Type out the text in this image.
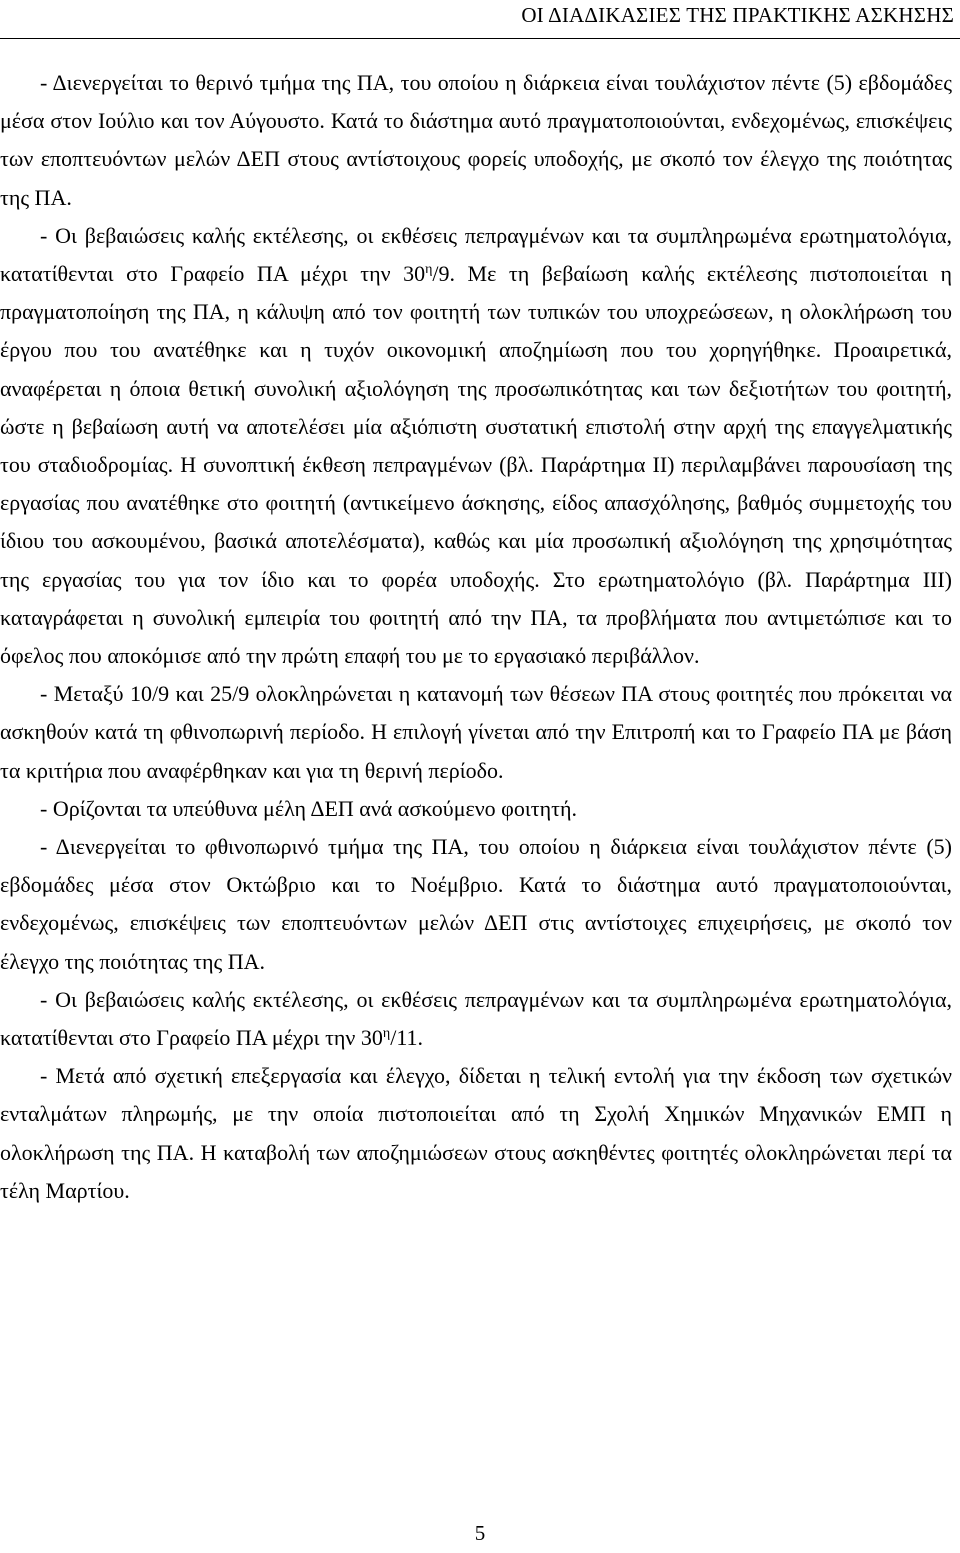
ΟΙ ΔΙΑΔΙΚΑΣΙΕΣ ΤΗΣ ΠΡΑΚΤΙΚΗΣ ΑΣΚΗΣΗΣ

- Διενεργείται το θερινό τμήμα της ΠΑ, του οποίου η διάρκεια είναι τουλάχιστον πέντε (5) εβδομάδες μέσα στον Ιούλιο και τον Αύγουστο. Κατά το διάστημα αυτό πραγματοποιούνται, ενδεχομένως, επισκέψεις των εποπτευόντων μελών ΔΕΠ στους αντίστοιχους φορείς υποδοχής, με σκοπό τον έλεγχο της ποιότητας της ΠΑ.

- Οι βεβαιώσεις καλής εκτέλεσης, οι εκθέσεις πεπραγμένων και τα συμπληρωμένα ερωτηματολόγια, κατατίθενται στο Γραφείο ΠΑ μέχρι την $30^\eta/9$. Με τη βεβαίωση καλής εκτέλεσης πιστοποιείται η πραγματοποίηση της ΠΑ, η κάλυψη από τον φοιτητή των τυπικών του υποχρεώσεων, η ολοκλήρωση του έργου που του ανατέθηκε και η τυχόν οικονομική αποζημίωση που του χορηγήθηκε. Προαιρετικά, αναφέρεται η όποια θετική συνολική αξιολόγηση της προσωπικότητας και των δεξιοτήτων του φοιτητή, ώστε η βεβαίωση αυτή να αποτελέσει μία αξιόπιστη συστατική επιστολή στην αρχή της επαγγελματικής του σταδιοδρομίας. Η συνοπτική έκθεση πεπραγμένων (βλ. Παράρτημα ΙΙ) περιλαμβάνει παρουσίαση της εργασίας που ανατέθηκε στο φοιτητή (αντικείμενο άσκησης, είδος απασχόλησης, βαθμός συμμετοχής του ίδιου του ασκουμένου, βασικά αποτελέσματα), καθώς και μία προσωπική αξιολόγηση της χρησιμότητας της εργασίας του για τον ίδιο και το φορέα υποδοχής. Στο ερωτηματολόγιο (βλ. Παράρτημα ΙΙΙ) καταγράφεται η συνολική εμπειρία του φοιτητή από την ΠΑ, τα προβλήματα που αντιμετώπισε και το όφελος που αποκόμισε από την πρώτη επαφή του με το εργασιακό περιβάλλον.

- Μεταξύ 10/9 και 25/9 ολοκληρώνεται η κατανομή των θέσεων ΠΑ στους φοιτητές που πρόκειται να ασκηθούν κατά τη φθινοπωρινή περίοδο. Η επιλογή γίνεται από την Επιτροπή και το Γραφείο ΠΑ με βάση τα κριτήρια που αναφέρθηκαν και για τη θερινή περίοδο.

- Ορίζονται τα υπεύθυνα μέλη ΔΕΠ ανά ασκούμενο φοιτητή.

- Διενεργείται το φθινοπωρινό τμήμα της ΠΑ, του οποίου η διάρκεια είναι τουλάχιστον πέντε (5) εβδομάδες μέσα στον Οκτώβριο και το Νοέμβριο. Κατά το διάστημα αυτό πραγματοποιούνται, ενδεχομένως, επισκέψεις των εποπτευόντων μελών ΔΕΠ στις αντίστοιχες επιχειρήσεις, με σκοπό τον έλεγχο της ποιότητας της ΠΑ.

- Οι βεβαιώσεις καλής εκτέλεσης, οι εκθέσεις πεπραγμένων και τα συμπληρωμένα ερωτηματολόγια, κατατίθενται στο Γραφείο ΠΑ μέχρι την $30^\eta/11$.

- Μετά από σχετική επεξεργασία και έλεγχο, δίδεται η τελική εντολή για την έκδοση των σχετικών ενταλμάτων πληρωμής, με την οποία πιστοποιείται από τη Σχολή Χημικών Μηχανικών ΕΜΠ η ολοκλήρωση της ΠΑ. Η καταβολή των αποζημιώσεων στους ασκηθέντες φοιτητές ολοκληρώνεται περί τα τέλη Μαρτίου.

5
